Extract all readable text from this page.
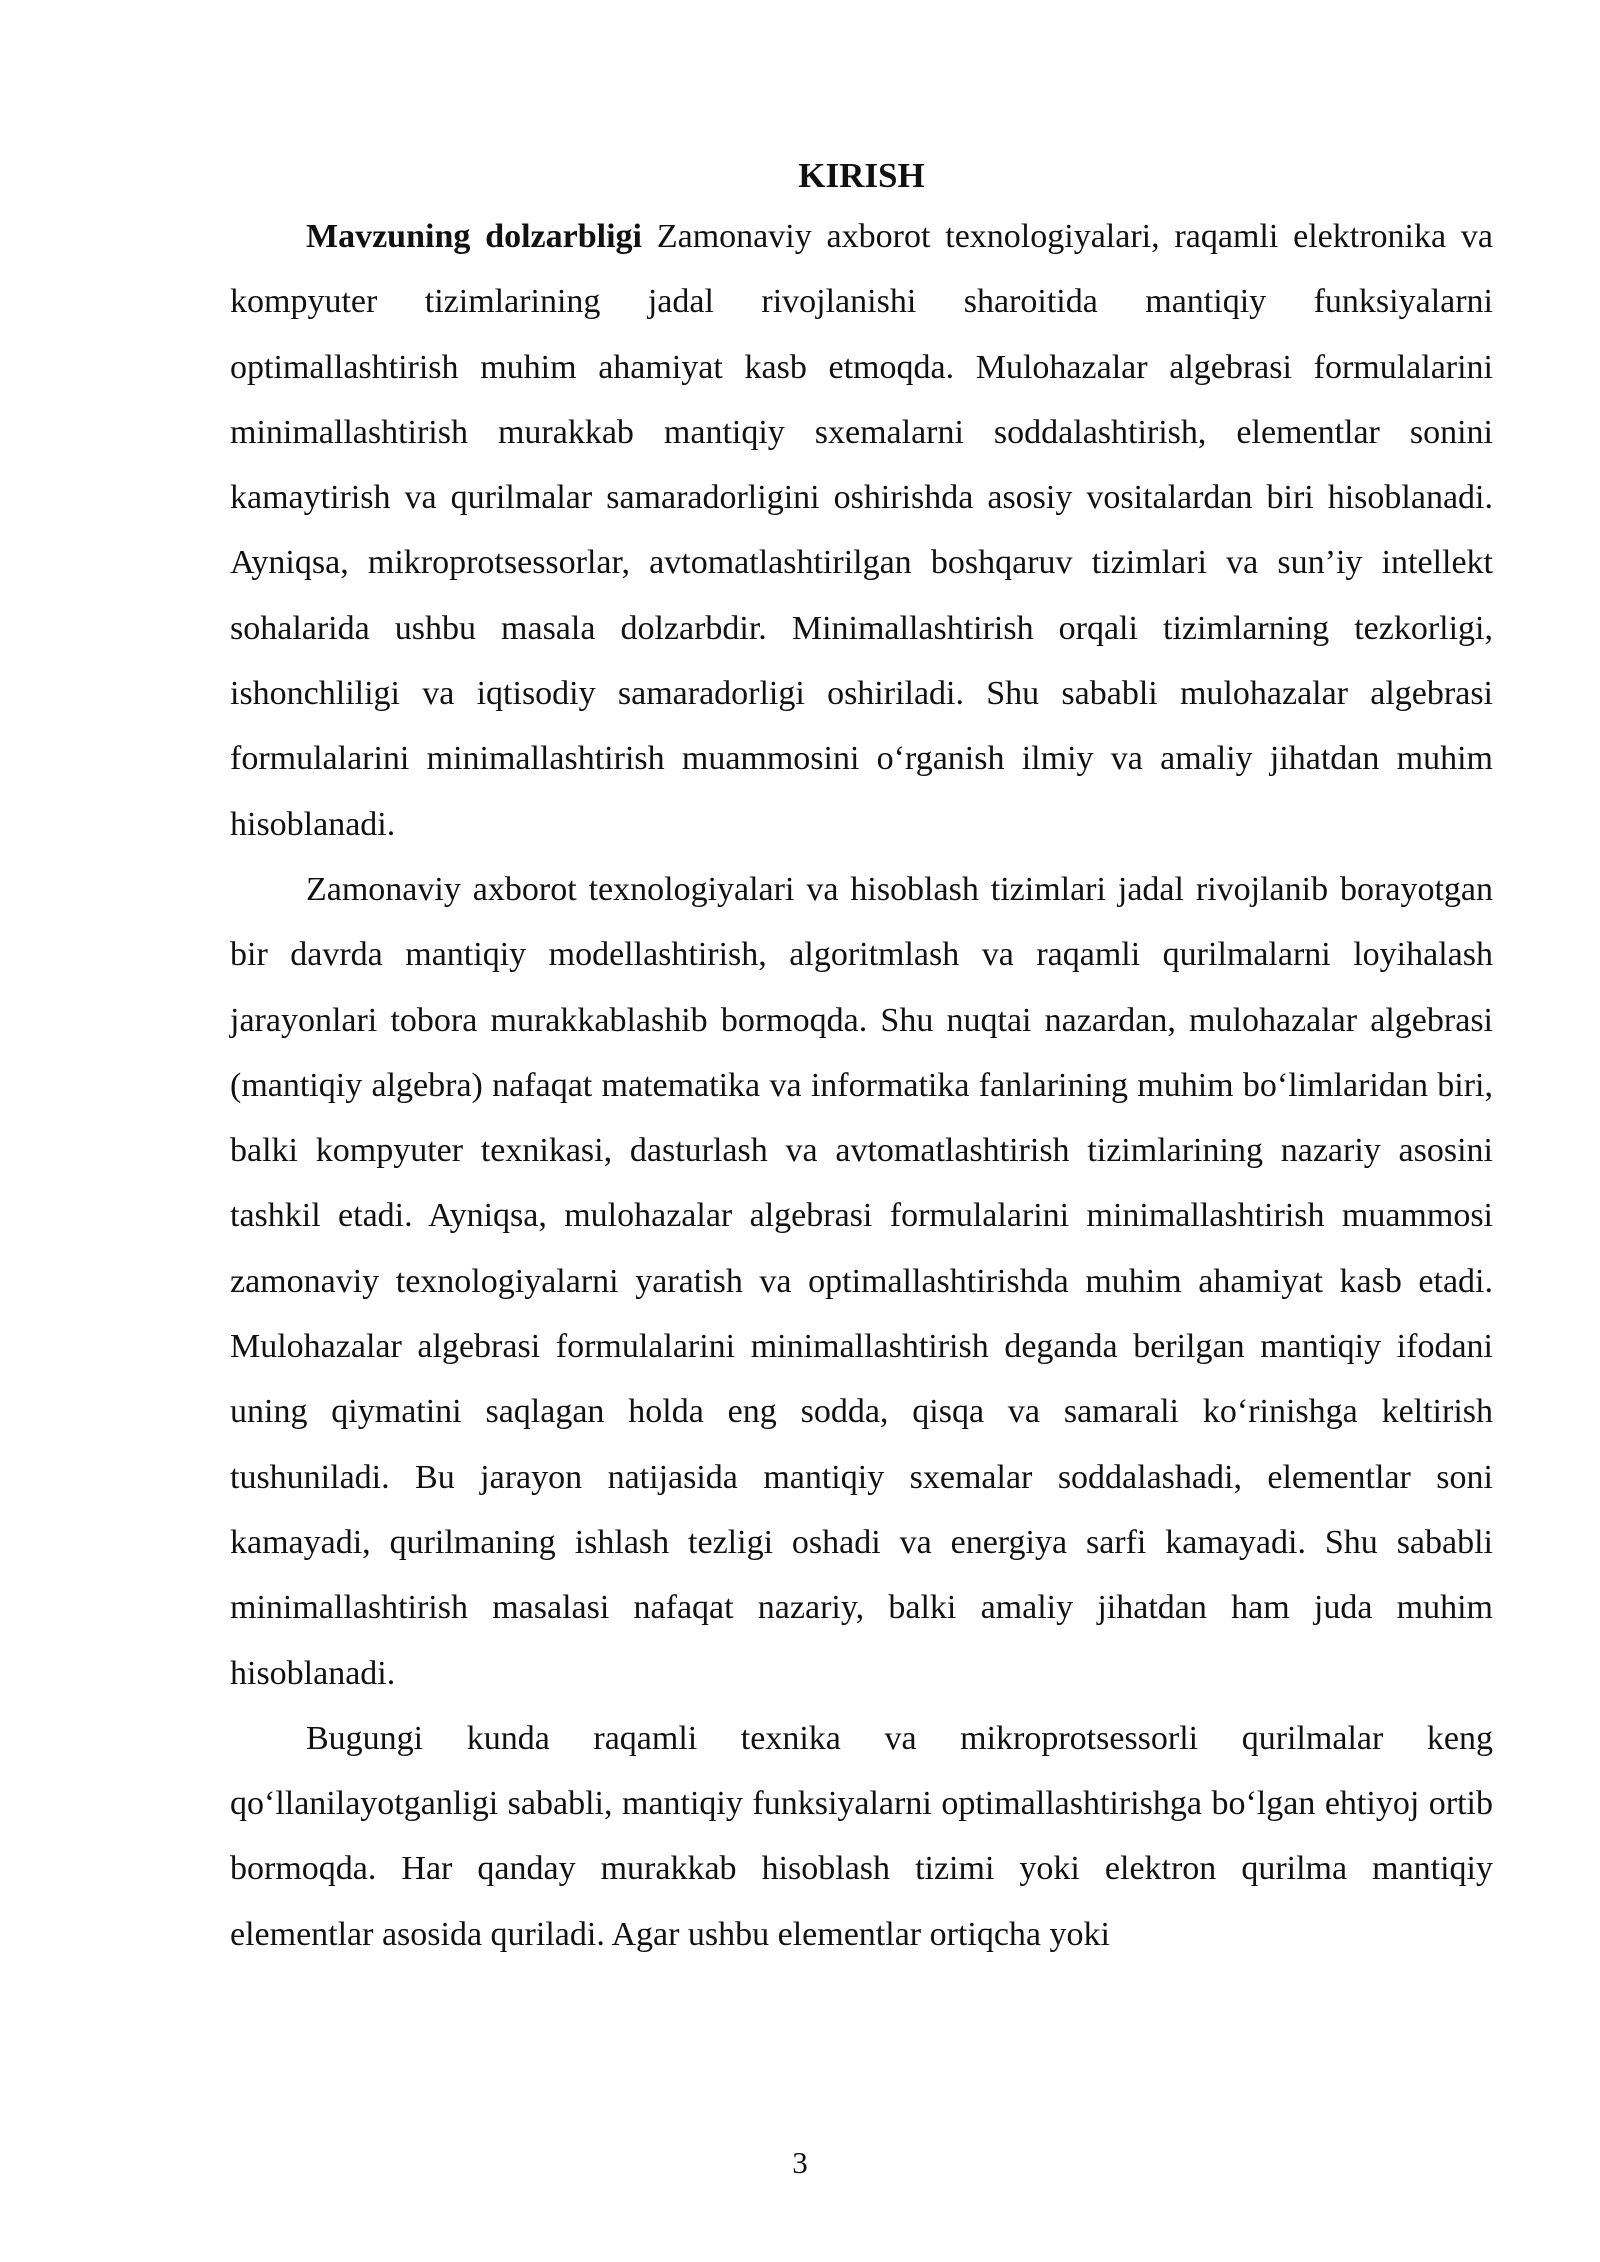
KIRISH

Mavzuning dolzarbligi Zamonaviy axborot texnologiyalari, raqamli elektronika va kompyuter tizimlarining jadal rivojlanishi sharoitida mantiqiy funksiyalarni optimallashtirish muhim ahamiyat kasb etmoqda. Mulohazalar algebrasi formulalarini minimallashtirish murakkab mantiqiy sxemalarni soddalashtirish, elementlar sonini kamaytirish va qurilmalar samaradorligini oshirishda asosiy vositalardan biri hisoblanadi. Ayniqsa, mikroprotsessorlar, avtomatlashtirilgan boshqaruv tizimlari va sun’iy intellekt sohalarida ushbu masala dolzarbdir. Minimallashtirish orqali tizimlarning tezkorligi, ishonchliligi va iqtisodiy samaradorligi oshiriladi. Shu sababli mulohazalar algebrasi formulalarini minimallashtirish muammosini o‘rganish ilmiy va amaliy jihatdan muhim hisoblanadi.

Zamonaviy axborot texnologiyalari va hisoblash tizimlari jadal rivojlanib borayotgan bir davrda mantiqiy modellashtirish, algoritmlash va raqamli qurilmalarni loyihalash jarayonlari tobora murakkablashib bormoqda. Shu nuqtai nazardan, mulohazalar algebrasi (mantiqiy algebra) nafaqat matematika va informatika fanlarining muhim bo‘limlaridan biri, balki kompyuter texnikasi, dasturlash va avtomatlashtirish tizimlarining nazariy asosini tashkil etadi. Ayniqsa, mulohazalar algebrasi formulalarini minimallashtirish muammosi zamonaviy texnologiyalarni yaratish va optimallashtirishda muhim ahamiyat kasb etadi. Mulohazalar algebrasi formulalarini minimallashtirish deganda berilgan mantiqiy ifodani uning qiymatini saqlagan holda eng sodda, qisqa va samarali ko‘rinishga keltirish tushuniladi. Bu jarayon natijasida mantiqiy sxemalar soddalashadi, elementlar soni kamayadi, qurilmaning ishlash tezligi oshadi va energiya sarfi kamayadi. Shu sababli minimallashtirish masalasi nafaqat nazariy, balki amaliy jihatdan ham juda muhim hisoblanadi.

Bugungi kunda raqamli texnika va mikroprotsessorli qurilmalar keng qo‘llanilayotganligi sababli, mantiqiy funksiyalarni optimallashtirishga bo‘lgan ehtiyoj ortib bormoqda. Har qanday murakkab hisoblash tizimi yoki elektron qurilma mantiqiy elementlar asosida quriladi. Agar ushbu elementlar ortiqcha yoki

3
